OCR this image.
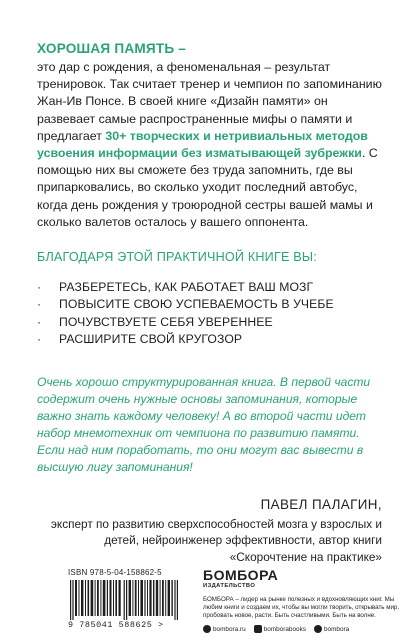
ХОРОШАЯ ПАМЯТЬ –

это дар с рождения, а феноменальная – результат тренировок. Так считает тренер и чемпион по запоминанию Жан-Ив Понсе. В своей книге «Дизайн памяти» он развевает самые распространенные мифы о памяти и предлагает 30+ творческих и нетривиальных методов усвоения информации без изматывающей зубрежки. С помощью них вы сможете без труда запомнить, где вы припарковались, во сколько уходит последний автобус, когда день рождения у троюродной сестры вашей мамы и сколько валетов осталось у вашего оппонента.

БЛАГОДАРЯ ЭТОЙ ПРАКТИЧНОЙ КНИГЕ ВЫ:

· РАЗБЕРЕТЕСЬ, КАК РАБОТАЕТ ВАШ МОЗГ
· ПОВЫСИТЕ СВОЮ УСПЕВАЕМОСТЬ В УЧЕБЕ
· ПОЧУВСТВУЕТЕ СЕБЯ УВЕРЕННЕЕ
· РАСШИРИТЕ СВОЙ КРУГОЗОР

Очень хорошо структурированная книга. В первой части содержит очень нужные основы запоминания, которые важно знать каждому человеку! А во второй части идет набор мнемотехник от чемпиона по развитию памяти. Если над ним поработать, то они могут вас вывести в высшую лигу запоминания!

ПАВЕЛ ПАЛАГИН,
эксперт по развитию сверхспособностей мозга у взрослых и детей, нейроинженер эффективности, автор книги «Скорочтение на практике»
ISBN 978-5-04-158862-5
9 785041 588625 >
БОМБОРА
ИЗДАТЕЛЬСТВО
БОМБОРА – лидер на рынке полезных и вдохновляющих книг. Мы любим книги и создаем их, чтобы вы могли творить, открывать мир, пробовать новое, расти. Быть счастливыми. Быть на волне.
bombora.ru	bomborabooks	bombora
